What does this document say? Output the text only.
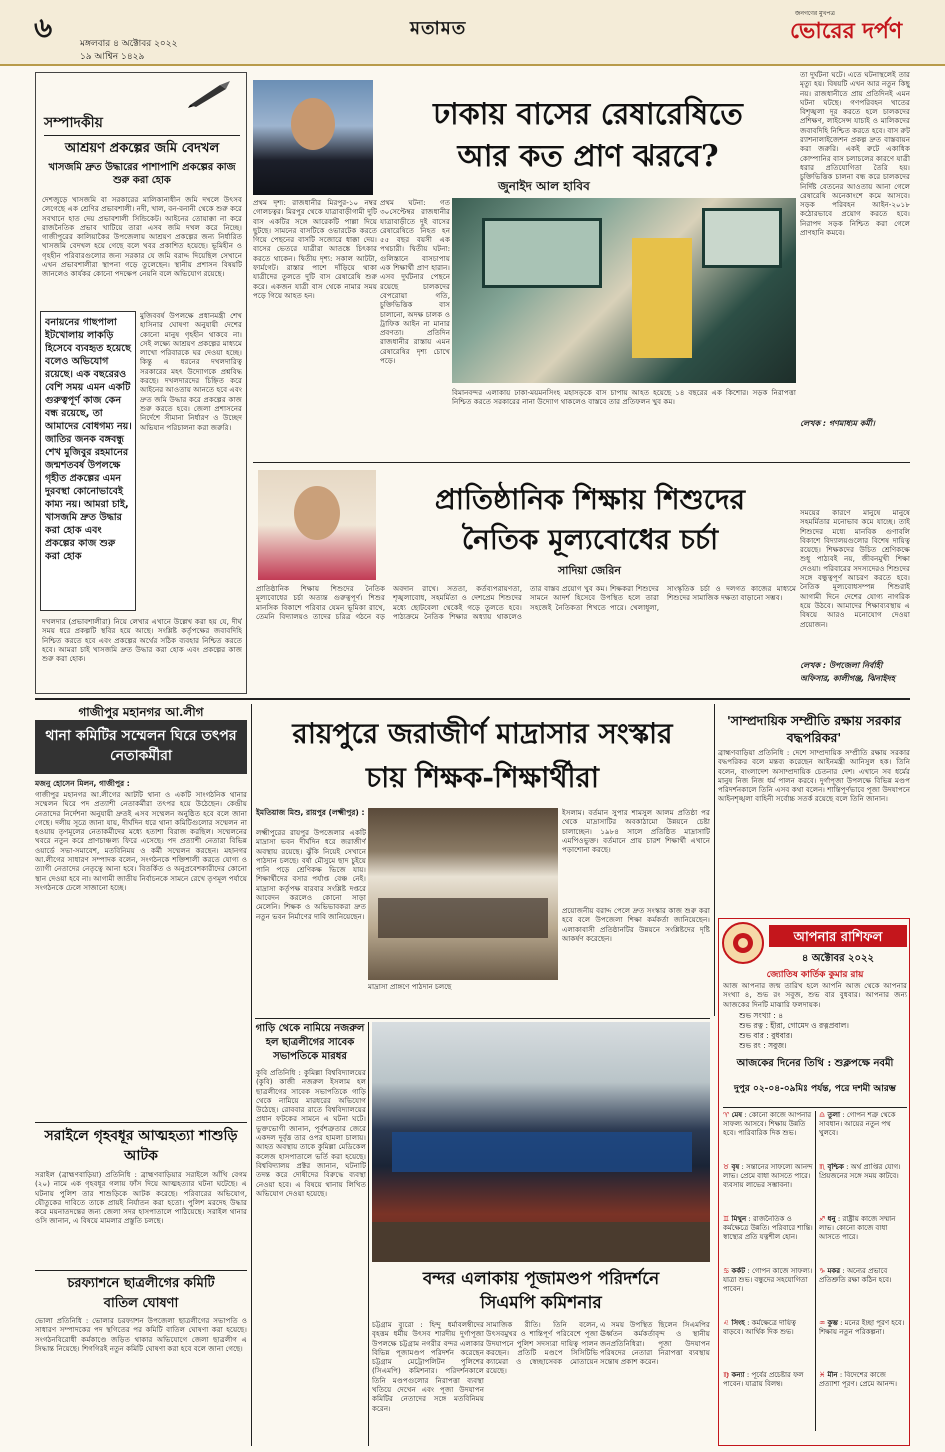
৬	মঙ্গলবার ৪ অক্টোবর ২০২২
১৯ আশ্বিন ১৪২৯
মতামত
জনগণের মুখপত্র
ভোরের দর্পণ
সম্পাদকীয়
আশ্রয়ণ প্রকল্পের জমি বেদখল
খাসজমি দ্রুত উদ্ধারের পাশাপাশি প্রকল্পের কাজ শুরু করা হোক
দেশজুড়ে খাসজমি বা সরকারের মালিকানাধীন জমি দখলে উৎসব লেগেছে এক শ্রেণির প্রভাবশালী। নদী, খাল, বন-বনানী থেকে শুরু করে সবখানে হাত দেয় প্রভাবশালী সিন্ডিকেট। আইনের তোয়াক্কা না করে রাজনৈতিক প্রভাব খাটিয়ে তারা এসব জমি দখল করে নিচ্ছে। গাজীপুরের কালিয়াকৈর উপজেলায় আশ্রয়ণ প্রকল্পের জন্য নির্ধারিত খাসজমি বেদখল হয়ে গেছে বলে খবর প্রকাশিত হয়েছে। ভূমিহীন ও গৃহহীন পরিবারগুলোর জন্য সরকার যে জমি বরাদ্দ দিয়েছিল সেখানে এখন প্রভাবশালীরা স্থাপনা গড়ে তুলেছেন। স্থানীয় প্রশাসন বিষয়টি জানলেও কার্যকর কোনো পদক্ষেপ নেয়নি বলে অভিযোগ রয়েছে।
বনায়নের গাছপালা ইটখোলায় লাকড়ি হিসেবে ব্যবহৃত হয়েছে বলেও অভিযোগ রয়েছে। এক বছরেরও বেশি সময় এমন একটি গুরুত্বপূর্ণ কাজ কেন বন্ধ রয়েছে, তা আমাদের বোধগম্য নয়। জাতির জনক বঙ্গবন্ধু শেখ মুজিবুর রহমানের জন্মশতবর্ষ উপলক্ষে গৃহীত প্রকল্পের এমন দুরবস্থা কোনোভাবেই কাম্য নয়। আমরা চাই, খাসজমি দ্রুত উদ্ধার করা হোক এবং প্রকল্পের কাজ শুরু করা হোক
মুজিববর্ষ উপলক্ষে প্রধানমন্ত্রী শেখ হাসিনার ঘোষণা অনুযায়ী দেশের কোনো মানুষ গৃহহীন থাকবে না। সেই লক্ষ্যে আশ্রয়ণ প্রকল্পের মাধ্যমে লাখো পরিবারকে ঘর দেওয়া হচ্ছে। কিন্তু এ ধরনের দখলদারিত্ব সরকারের মহৎ উদ্যোগকে প্রশ্নবিদ্ধ করছে। দখলদারদের চিহ্নিত করে আইনের আওতায় আনতে হবে এবং দ্রুত জমি উদ্ধার করে প্রকল্পের কাজ শুরু করতে হবে। জেলা প্রশাসনের নির্দেশে সীমানা নির্ধারণ ও উচ্ছেদ অভিযান পরিচালনা করা জরুরি।
দখলদার (প্রভাবশালীরা) নিয়ে লেখার এখানে উল্লেখ করা হয় যে, দীর্ঘ সময় ধরে প্রকল্পটি স্থবির হয়ে আছে। সংশ্লিষ্ট কর্তৃপক্ষের জবাবদিহি নিশ্চিত করতে হবে এবং প্রকল্পের অর্থের সঠিক ব্যবহার নিশ্চিত করতে হবে। আমরা চাই খাসজমি দ্রুত উদ্ধার করা হোক এবং প্রকল্পের কাজ শুরু করা হোক।
ঢাকায় বাসের রেষারেষিতে
আর কত প্রাণ ঝরবে?
জুনাইদ আল হাবিব
প্রথম দৃশ্য: রাজধানীর মিরপুর-১০ নম্বর গোলচত্বর। মিরপুর থেকে যাত্রাবাড়ীগামী দুটি বাস একটির সঙ্গে আরেকটি পাল্লা দিয়ে ছুটছে। সামনের বাসটিকে ওভারটেক করতে গিয়ে পেছনের বাসটি সজোরে ধাক্কা দেয়। বাসের ভেতরে যাত্রীরা আতঙ্কে চিৎকার করতে থাকেন। দ্বিতীয় দৃশ্য: সকাল আটটা, ফার্মগেট। রাস্তার পাশে দাঁড়িয়ে থাকা যাত্রীদের তুলতে দুটি বাস রেষারেষি শুরু করে। একজন যাত্রী বাস থেকে নামার সময় পড়ে গিয়ে আহত হন।
প্রথম ঘটনা: গত ৩০সেপ্টেম্বর রাজধানীর যাত্রাবাড়ীতে দুই বাসের রেষারেষিতে নিহত হন ৫৫ বছর বয়সী এক পথচারী। দ্বিতীয় ঘটনা: গুলিস্তানে বাসচাপায় এক শিক্ষার্থী প্রাণ হারান। এসব দুর্ঘটনার পেছনে রয়েছে চালকদের বেপরোয়া গতি, চুক্তিভিত্তিক বাস চালানো, অদক্ষ চালক ও ট্রাফিক আইন না মানার প্রবণতা। প্রতিদিন রাজধানীর রাস্তায় এমন রেষারেষির দৃশ্য চোখে পড়ে।
বিমানবন্দর এলাকায় ঢাকা-ময়মনসিংহ মহাসড়কে বাস চাপায় আহত হয়েছে ১৪ বছরের এক কিশোর। সড়ক নিরাপত্তা নিশ্চিত করতে সরকারের নানা উদ্যোগ থাকলেও বাস্তবে তার প্রতিফলন খুব কম।
তা দুর্ঘটনা ঘটে। এতে ঘটনাস্থলেই তার মৃত্যু হয়। বিষয়টি এখন আর নতুন কিছু নয়। রাজধানীতে প্রায় প্রতিদিনই এমন ঘটনা ঘটছে। গণপরিবহন খাতের বিশৃঙ্খলা দূর করতে হলে চালকদের প্রশিক্ষণ, লাইসেন্স যাচাই ও মালিকদের জবাবদিহি নিশ্চিত করতে হবে। বাস রুট র‍্যাশনালাইজেশন প্রকল্প দ্রুত বাস্তবায়ন করা জরুরি। একই রুটে একাধিক কোম্পানির বাস চলাচলের কারণে যাত্রী ধরার প্রতিযোগিতা তৈরি হয়। চুক্তিভিত্তিক চালনা বন্ধ করে চালকদের নির্দিষ্ট বেতনের আওতায় আনা গেলে রেষারেষি অনেকাংশে কমে আসবে। সড়ক পরিবহন আইন-২০১৮ কঠোরভাবে প্রয়োগ করতে হবে। নিরাপদ সড়ক নিশ্চিত করা গেলে প্রাণহানি কমবে।
লেখক : গণমাধ্যম কর্মী।
প্রাতিষ্ঠানিক শিক্ষায় শিশুদের
নৈতিক মূল্যবোধের চর্চা
সাদিয়া জেরিন
প্রাতিষ্ঠানিক শিক্ষায় শিশুদের নৈতিক মূল্যবোধের চর্চা অত্যন্ত গুরুত্বপূর্ণ। শিশুর মানসিক বিকাশে পরিবার যেমন ভূমিকা রাখে, তেমনি বিদ্যালয়ও তাদের চরিত্র গঠনে বড় অবদান রাখে। সততা, কর্তব্যপরায়ণতা, শৃঙ্খলাবোধ, সহমর্মিতা ও দেশপ্রেম শিশুদের মধ্যে ছোটবেলা থেকেই গড়ে তুলতে হবে। পাঠ্যক্রমে নৈতিক শিক্ষার অধ্যায় থাকলেও তার বাস্তব প্রয়োগ খুব কম। শিক্ষকরা শিশুদের সামনে আদর্শ হিসেবে উপস্থিত হলে তারা সহজেই নৈতিকতা শিখতে পারে। খেলাধুলা, সাংস্কৃতিক চর্চা ও দলগত কাজের মাধ্যমে শিশুদের সামাজিক দক্ষতা বাড়ানো সম্ভব।
সময়ের কারণে মানুষে মানুষে সহমর্মিতার মনোভাব কমে যাচ্ছে। তাই শিশুদের মধ্যে মানবিক গুণাবলি বিকাশে বিদ্যালয়গুলোর বিশেষ দায়িত্ব রয়েছে। শিক্ষকদের উচিত শ্রেণিকক্ষে শুধু পাঠ্যবই নয়, জীবনমুখী শিক্ষা দেওয়া। পরিবারের সদস্যদেরও শিশুদের সঙ্গে বন্ধুত্বপূর্ণ আচরণ করতে হবে। নৈতিক মূল্যবোধসম্পন্ন শিশুরাই আগামী দিনে দেশের যোগ্য নাগরিক হয়ে উঠবে। আমাদের শিক্ষাব্যবস্থায় এ বিষয়ে আরও মনোযোগ দেওয়া প্রয়োজন।
লেখক : উপজেলা নির্বাহী অফিসার, কালীগঞ্জ, ঝিনাইদহ
গাজীপুর মহানগর আ.লীগ
থানা কমিটির সম্মেলন ঘিরে তৎপর নেতাকর্মীরা
মজনু হোসেন মিলন, গাজীপুর :
গাজীপুর মহানগর আ.লীগের আটটি থানা ও একটি সাংগঠনিক থানার সম্মেলন ঘিরে পদ প্রত্যাশী নেতাকর্মীরা তৎপর হয়ে উঠেছেন। কেন্দ্রীয় নেতাদের নির্দেশনা অনুযায়ী দ্রুতই এসব সম্মেলন অনুষ্ঠিত হবে বলে জানা গেছে। দলীয় সূত্রে জানা যায়, দীর্ঘদিন ধরে থানা কমিটিগুলোর সম্মেলন না হওয়ায় তৃণমূলের নেতাকর্মীদের মধ্যে হতাশা বিরাজ করছিল। সম্মেলনের খবরে নতুন করে প্রাণচাঞ্চল্য ফিরে এসেছে। পদ প্রত্যাশী নেতারা বিভিন্ন ওয়ার্ডে সভা-সমাবেশ, মতবিনিময় ও কর্মী সম্মেলন করছেন। মহানগর আ.লীগের সাধারণ সম্পাদক বলেন, সংগঠনকে শক্তিশালী করতে যোগ্য ও ত্যাগী নেতাদের নেতৃত্বে আনা হবে। বিতর্কিত ও অনুপ্রবেশকারীদের কোনো স্থান দেওয়া হবে না। আগামী জাতীয় নির্বাচনকে সামনে রেখে তৃণমূল পর্যায়ে সংগঠনকে ঢেলে সাজানো হচ্ছে।
সরাইলে গৃহবধূর আত্মহত্যা শাশুড়ি আটক
সরাইল (ব্রাহ্মণবাড়িয়া) প্রতিনিধি : ব্রাহ্মণবাড়িয়ার সরাইলে আঁখি বেগম (২০) নামে এক গৃহবধূর গলায় ফাঁস দিয়ে আত্মহত্যার ঘটনা ঘটেছে। এ ঘটনায় পুলিশ তার শাশুড়িকে আটক করেছে। পরিবারের অভিযোগ, যৌতুকের দাবিতে তাকে প্রায়ই নির্যাতন করা হতো। পুলিশ মরদেহ উদ্ধার করে ময়নাতদন্তের জন্য জেলা সদর হাসপাতালে পাঠিয়েছে। সরাইল থানার ওসি জানান, এ বিষয়ে মামলার প্রস্তুতি চলছে।
চরফ্যাশনে ছাত্রলীগের কমিটি
বাতিল ঘোষণা
ভোলা প্রতিনিধি : ভোলার চরফ্যাশন উপজেলা ছাত্রলীগের সভাপতি ও সাধারণ সম্পাদকের পদ স্থগিতের পর কমিটি বাতিল ঘোষণা করা হয়েছে। সংগঠনবিরোধী কর্মকাণ্ডে জড়িত থাকার অভিযোগে জেলা ছাত্রলীগ এ সিদ্ধান্ত নিয়েছে। শিগগিরই নতুন কমিটি ঘোষণা করা হবে বলে জানা গেছে।
রায়পুরে জরাজীর্ণ মাদ্রাসার সংস্কার
চায় শিক্ষক-শিক্ষার্থীরা
ইমতিয়াজ মিশু, রায়পুর (লক্ষ্মীপুর) :
লক্ষ্মীপুরের রায়পুর উপজেলার একটি মাদ্রাসা ভবন দীর্ঘদিন ধরে জরাজীর্ণ অবস্থায় রয়েছে। ঝুঁকি নিয়েই সেখানে পাঠদান চলছে। বর্ষা মৌসুমে ছাদ চুইয়ে পানি পড়ে শ্রেণিকক্ষ ভিজে যায়। শিক্ষার্থীদের বসার পর্যাপ্ত বেঞ্চ নেই। মাদ্রাসা কর্তৃপক্ষ বারবার সংশ্লিষ্ট দপ্তরে আবেদন করলেও কোনো সাড়া মেলেনি। শিক্ষক ও অভিভাবকরা দ্রুত নতুন ভবন নির্মাণের দাবি জানিয়েছেন।
মাদ্রাসা প্রাঙ্গণে পাঠদান চলছে
ইসলাম। বর্তমান সুপার শামসুল আলম প্রতিষ্ঠা পর থেকে মাদ্রাসাটির অবকাঠামো উন্নয়নে চেষ্টা চালাচ্ছেন। ১৯৮৪ সালে প্রতিষ্ঠিত মাদ্রাসাটি এমপিওভুক্ত। বর্তমানে প্রায় চারশ শিক্ষার্থী এখানে পড়াশোনা করছে।
প্রয়োজনীয় বরাদ্দ পেলে দ্রুত সংস্কার কাজ শুরু করা হবে বলে উপজেলা শিক্ষা কর্মকর্তা জানিয়েছেন। এলাকাবাসী প্রতিষ্ঠানটির উন্নয়নে সংশ্লিষ্টদের দৃষ্টি আকর্ষণ করেছেন।
'সাম্প্রদায়িক সম্প্রীতি রক্ষায় সরকার বদ্ধপরিকর'
ব্রাহ্মণবাড়িয়া প্রতিনিধি : দেশে সাম্প্রদায়িক সম্প্রীতি রক্ষায় সরকার বদ্ধপরিকর বলে মন্তব্য করেছেন আইনমন্ত্রী আনিসুল হক। তিনি বলেন, বাংলাদেশ অসাম্প্রদায়িক চেতনার দেশ। এখানে সব ধর্মের মানুষ নিজ নিজ ধর্ম পালন করবে। দুর্গাপূজা উপলক্ষে বিভিন্ন মণ্ডপ পরিদর্শনকালে তিনি এসব কথা বলেন। শান্তিপূর্ণভাবে পূজা উদযাপনে আইনশৃঙ্খলা বাহিনী সর্বোচ্চ সতর্ক রয়েছে বলে তিনি জানান।
আপনার রাশিফল
৪ অক্টোবর ২০২২
জ্যোতিষ কার্তিক কুমার রায়
আজ আপনার জন্ম তারিখ হলে আপনি আজ থেকে আপনার সংখ্যা ৪, শুভ রং সবুজ, শুভ বার বুধবার। আপনার জন্য আজকের দিনটি মাঝারি ফলদায়ক।
শুভ সংখ্যা : ৪
শুভ রত্ন : হীরা, গোমেদ ও রত্নপ্রবাল।
শুভ বার : বুধবার।
শুভ রং : সবুজ।
আজকের দিনের তিথি : শুক্লপক্ষে নবমী
দুপুর ০২-০৪-০৯মিঃ পর্যন্ত, পরে দশমী আরম্ভ
♈ মেষ : কোনো কাজে আপনার সাফল্য আসবে। শিক্ষায় উন্নতি হবে। পারিবারিক দিক শুভ।
♉ বৃষ : সন্তানের সাফল্যে আনন্দ লাভ। প্রেমে বাধা আসতে পারে। ব্যবসায় লাভের সম্ভাবনা।
♊ মিথুন : রাজনৈতিক ও কর্মক্ষেত্রে উন্নতি। পরিবারে শান্তি। স্বাস্থ্যের প্রতি যত্নশীল হোন।
♋ কর্কট : গোপন কাজে সাফল্য। যাত্রা শুভ। বন্ধুদের সহযোগিতা পাবেন।
♌ সিংহ : কর্মক্ষেত্রে দায়িত্ব বাড়বে। আর্থিক দিক শুভ।
♍ কন্যা : পূর্বের প্রচেষ্টার ফল পাবেন। যাত্রায় বিলম্ব।
♎ তুলা : গোপন শত্রু থেকে সাবধান। আয়ের নতুন পথ খুলবে।
♏ বৃশ্চিক : অর্থ প্রাপ্তির যোগ। প্রিয়জনের সঙ্গে সময় কাটবে।
♐ ধনু : রাষ্ট্রীয় কাজে সম্মান লাভ। কোনো কাজে বাধা আসতে পারে।
♑ মকর : অন্যের প্রভাবে প্রতিশ্রুতি রক্ষা কঠিন হবে।
♒ কুম্ভ : মনের ইচ্ছা পূরণ হবে। শিক্ষায় নতুন পরিকল্পনা।
♓ মীন : বিদেশের কাজে প্রত্যাশা পূরণ। প্রেমে আনন্দ।
গাড়ি থেকে নামিয়ে নজরুল
হল ছাত্রলীগের সাবেক
সভাপতিকে মারধর
কুবি প্রতিনিধি : কুমিল্লা বিশ্ববিদ্যালয়ের (কুবি) কাজী নজরুল ইসলাম হল ছাত্রলীগের সাবেক সভাপতিকে গাড়ি থেকে নামিয়ে মারধরের অভিযোগ উঠেছে। রোববার রাতে বিশ্ববিদ্যালয়ের প্রধান ফটকের সামনে এ ঘটনা ঘটে। ভুক্তভোগী জানান, পূর্বশত্রুতার জেরে একদল দুর্বৃত্ত তার ওপর হামলা চালায়। আহত অবস্থায় তাকে কুমিল্লা মেডিকেল কলেজ হাসপাতালে ভর্তি করা হয়েছে। বিশ্ববিদ্যালয় প্রক্টর জানান, ঘটনাটি তদন্ত করে দোষীদের বিরুদ্ধে ব্যবস্থা নেওয়া হবে। এ বিষয়ে থানায় লিখিত অভিযোগ দেওয়া হয়েছে।
বন্দর এলাকায় পূজামণ্ডপ পরিদর্শনে
সিএমপি কমিশনার
চট্টগ্রাম ব্যুরো : হিন্দু ধর্মাবলম্বীদের বৃহত্তম ধর্মীয় উৎসব শারদীয় দুর্গাপূজা উপলক্ষে চট্টগ্রাম নগরীর বন্দর এলাকার বিভিন্ন পূজামণ্ডপ পরিদর্শন করেছেন চট্টগ্রাম মেট্রোপলিটন পুলিশের (সিএমপি) কমিশনার। পরিদর্শনকালে তিনি মণ্ডপগুলোর নিরাপত্তা ব্যবস্থা খতিয়ে দেখেন এবং পূজা উদযাপন কমিটির নেতাদের সঙ্গে মতবিনিময় করেন।
সামাজিক রীতি। তিনি বলেন, উৎসবমুখর ও শান্তিপূর্ণ পরিবেশে পূজা উদযাপনে পুলিশ সদস্যরা দায়িত্ব পালন করছেন। প্রতিটি মণ্ডপে সিসিটিভি ক্যামেরা ও স্বেচ্ছাসেবক মোতায়েন রয়েছে।
এ সময় উপস্থিত ছিলেন সিএমপির ঊর্ধ্বতন কর্মকর্তাবৃন্দ ও স্থানীয় জনপ্রতিনিধিরা। পূজা উদযাপন পরিষদের নেতারা নিরাপত্তা ব্যবস্থায় সন্তোষ প্রকাশ করেন।
